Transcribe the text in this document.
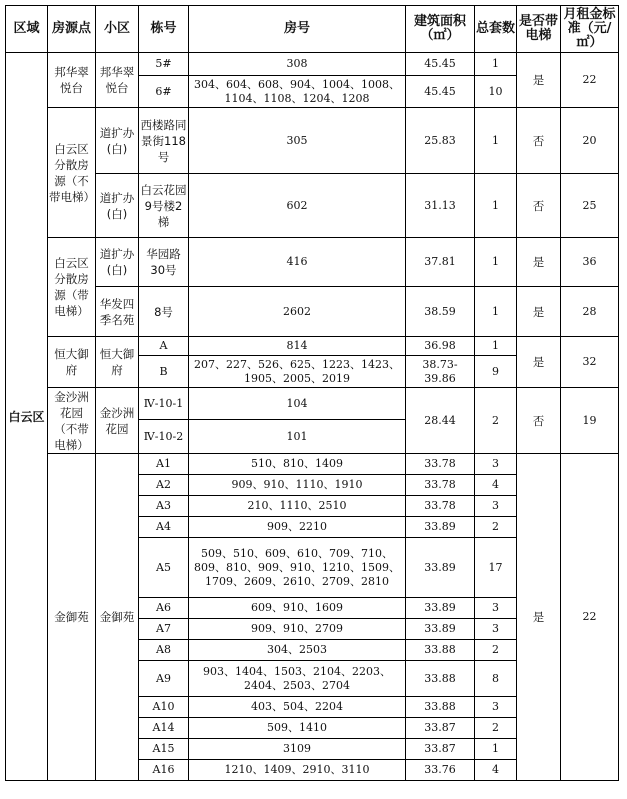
区域	房源点	小区	栋号	房号	建筑面积（㎡）	总套数	是否带电梯	月租金标准（元/㎡）
白云区	邦华翠悦台	邦华翠悦台	5#	308	45.45	1	是	22
			6#	304、604、608、904、1004、1008、1104、1108、1204、1208	45.45	10		
	白云区分散房源（不带电梯）	道扩办(白)	西楼路同景街118号	305	25.83	1	否	20
		道扩办(白)	白云花园9号楼2梯	602	31.13	1	否	25
	白云区分散房源（带电梯）	道扩办(白)	华园路30号	416	37.81	1	是	36
		华发四季名苑	8号	2602	38.59	1	是	28
	恒大御府	恒大御府	A	814	36.98	1	是	32
			B	207、227、526、625、1223、1423、1905、2005、2019	38.73-39.86	9		
	金沙洲花园（不带电梯）	金沙洲花园	Ⅳ-10-1	104	28.44	2	否	19
			Ⅳ-10-2	101				
	金御苑	金御苑	A1	510、810、1409	33.78	3	是	22
			A2	909、910、1110、1910	33.78	4		
			A3	210、1110、2510	33.78	3		
			A4	909、2210	33.89	2		
			A5	509、510、609、610、709、710、809、810、909、910、1210、1509、1709、2609、2610、2709、2810	33.89	17		
			A6	609、910、1609	33.89	3		
			A7	909、910、2709	33.89	3		
			A8	304、2503	33.88	2		
			A9	903、1404、1503、2104、2203、2404、2503、2704	33.88	8		
			A10	403、504、2204	33.88	3		
			A14	509、1410	33.87	2		
			A15	3109	33.87	1		
			A16	1210、1409、2910、3110	33.76	4		
